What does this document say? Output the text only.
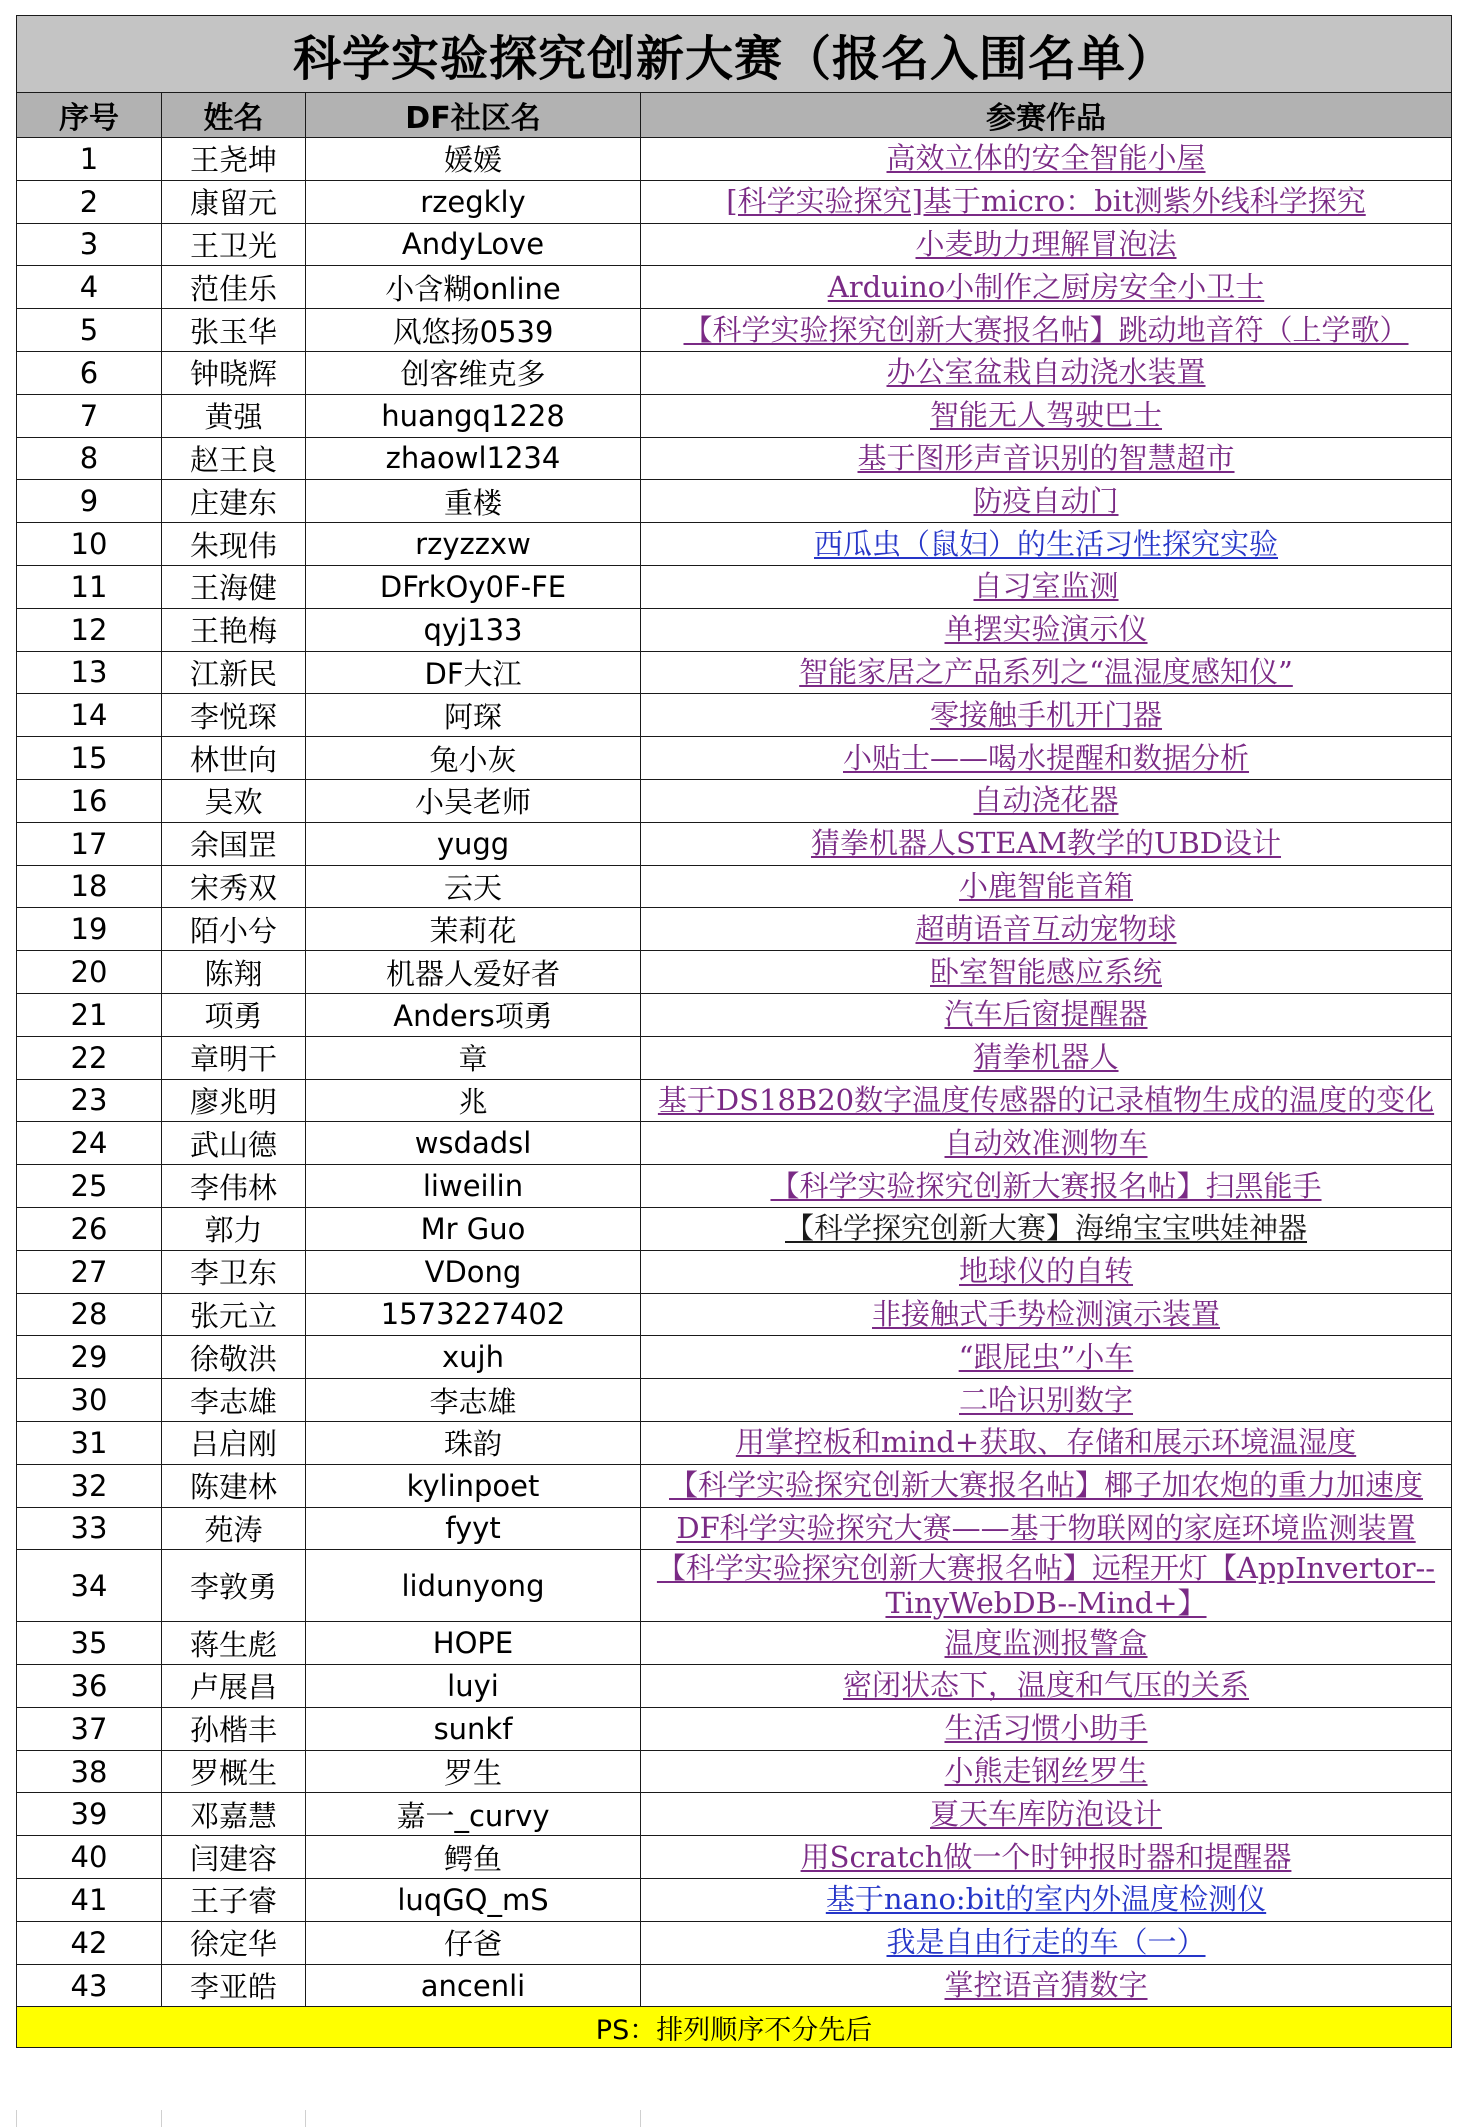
科学实验探究创新大赛（报名入围名单）			
序号	姓名	DF社区名	参赛作品
1	王尧坤	媛媛	高效立体的安全智能小屋
2	康留元	rzegkly	[科学实验探究]基于micro：bit测紫外线科学探究
3	王卫光	AndyLove	小麦助力理解冒泡法
4	范佳乐	小含糊online	Arduino小制作之厨房安全小卫士
5	张玉华	风悠扬0539	【科学实验探究创新大赛报名帖】跳动地音符（上学歌）
6	钟晓辉	创客维克多	办公室盆栽自动浇水装置
7	黄强	huangq1228	智能无人驾驶巴士
8	赵王良	zhaowl1234	基于图形声音识别的智慧超市
9	庄建东	重楼	防疫自动门
10	朱现伟	rzyzzxw	西瓜虫（鼠妇）的生活习性探究实验
11	王海健	DFrkOy0F-FE	自习室监测
12	王艳梅	qyj133	单摆实验演示仪
13	江新民	DF大江	智能家居之产品系列之“温湿度感知仪”
14	李悦琛	阿琛	零接触手机开门器
15	林世向	兔小灰	小贴士——喝水提醒和数据分析
16	吴欢	小吴老师	自动浇花器
17	余国罡	yugg	猜拳机器人STEAM教学的UBD设计
18	宋秀双	云天	小鹿智能音箱
19	陌小兮	茉莉花	超萌语音互动宠物球
20	陈翔	机器人爱好者	卧室智能感应系统
21	项勇	Anders项勇	汽车后窗提醒器
22	章明干	章	猜拳机器人
23	廖兆明	兆	基于DS18B20数字温度传感器的记录植物生成的温度的变化
24	武山德	wsdadsl	自动效准测物车
25	李伟林	liweilin	【科学实验探究创新大赛报名帖】扫黑能手
26	郭力	Mr Guo	【科学探究创新大赛】海绵宝宝哄娃神器
27	李卫东	VDong	地球仪的自转
28	张元立	1573227402	非接触式手势检测演示装置
29	徐敬洪	xujh	“跟屁虫”小车
30	李志雄	李志雄	二哈识别数字
31	吕启刚	珠韵	用掌控板和mind+获取、存储和展示环境温湿度
32	陈建林	kylinpoet	【科学实验探究创新大赛报名帖】椰子加农炮的重力加速度
33	苑涛	fyyt	DF科学实验探究大赛——基于物联网的家庭环境监测装置
34	李敦勇	lidunyong	【科学实验探究创新大赛报名帖】远程开灯【AppInvertor--TinyWebDB--Mind+】
35	蒋生彪	HOPE	温度监测报警盒
36	卢展昌	luyi	密闭状态下，温度和气压的关系
37	孙楷丰	sunkf	生活习惯小助手
38	罗概生	罗生	小熊走钢丝罗生
39	邓嘉慧	嘉一_curvy	夏天车库防泡设计
40	闫建容	鳄鱼	用Scratch做一个时钟报时器和提醒器
41	王子睿	luqGQ_mS	基于nano:bit的室内外温度检测仪
42	徐定华	仔爸	我是自由行走的车（一）
43	李亚皓	ancenli	掌控语音猜数字
PS：排列顺序不分先后			
